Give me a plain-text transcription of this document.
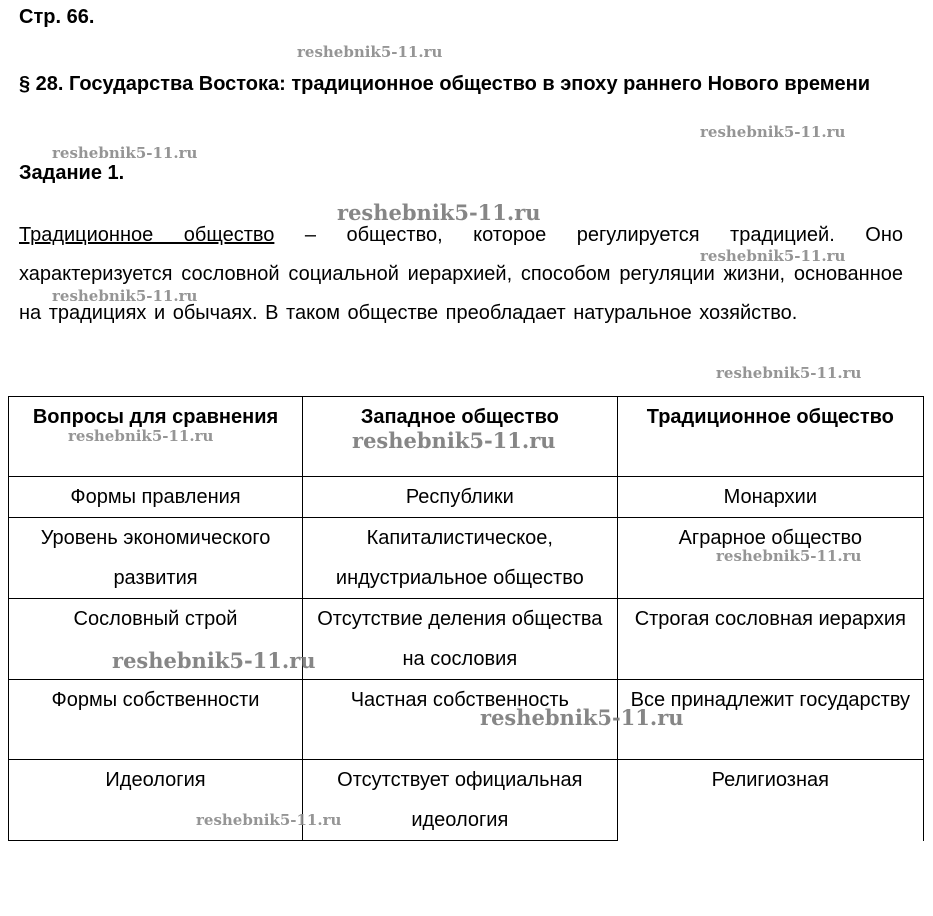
Стр. 66.
§ 28. Государства Востока: традиционное общество в эпоху раннего Нового времени
Задание 1.
Традиционное общество – общество, которое регулируется традицией. Оно характеризуется сословной социальной иерархией, способом регуляции жизни, основанное на традициях и обычаях. В таком обществе преобладает натуральное хозяйство.
Вопросы для сравнения	Западное общество	Традиционное общество
Формы правления	Республики	Монархии
Уровень экономического развития	Капиталистическое, индустриальное общество	Аграрное общество
Сословный строй	Отсутствие деления общества на сословия	Строгая сословная иерархия
Формы собственности	Частная собственность	Все принадлежит государству
Идеология	Отсутствует официальная идеология	Религиозная
reshebnik5-11.ru
reshebnik5-11.ru
reshebnik5-11.ru
reshebnik5-11.ru
reshebnik5-11.ru
reshebnik5-11.ru
reshebnik5-11.ru
reshebnik5-11.ru	reshebnik5-11.ru
reshebnik5-11.ru
reshebnik5-11.ru
reshebnik5-11.ru
reshebnik5-11.ru
